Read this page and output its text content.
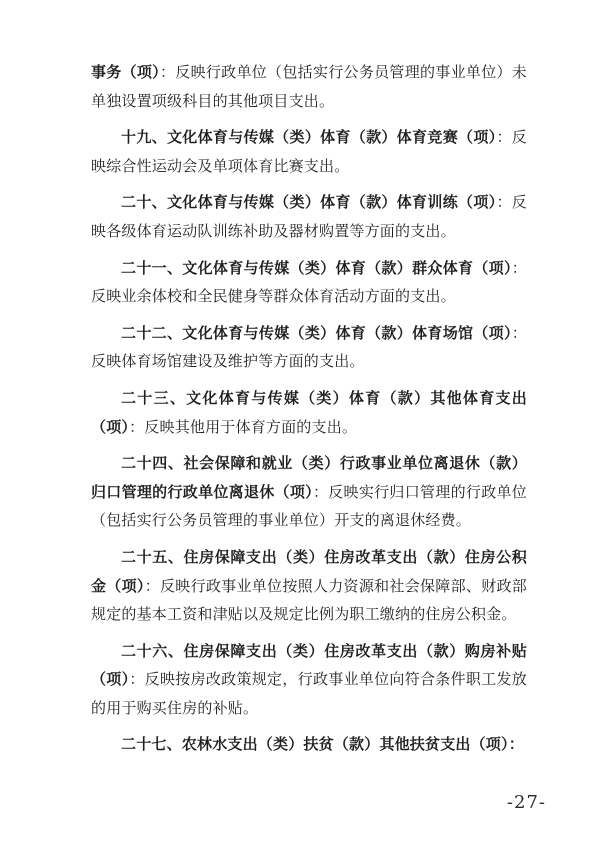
事务（项）：反映行政单位（包括实行公务员管理的事业单位）未单独设置项级科目的其他项目支出。

十九、文化体育与传媒（类）体育（款）体育竞赛（项）：反映综合性运动会及单项体育比赛支出。

二十、文化体育与传媒（类）体育（款）体育训练（项）：反映各级体育运动队训练补助及器材购置等方面的支出。

二十一、文化体育与传媒（类）体育（款）群众体育（项）：反映业余体校和全民健身等群众体育活动方面的支出。

二十二、文化体育与传媒（类）体育（款）体育场馆（项）：反映体育场馆建设及维护等方面的支出。

二十三、文化体育与传媒（类）体育（款）其他体育支出（项）：反映其他用于体育方面的支出。

二十四、社会保障和就业（类）行政事业单位离退休（款）归口管理的行政单位离退休（项）：反映实行归口管理的行政单位（包括实行公务员管理的事业单位）开支的离退休经费。

二十五、住房保障支出（类）住房改革支出（款）住房公积金（项）：反映行政事业单位按照人力资源和社会保障部、财政部规定的基本工资和津贴以及规定比例为职工缴纳的住房公积金。

二十六、住房保障支出（类）住房改革支出（款）购房补贴（项）：反映按房改政策规定，行政事业单位向符合条件职工发放的用于购买住房的补贴。

二十七、农林水支出（类）扶贫（款）其他扶贫支出（项）：

-27-
